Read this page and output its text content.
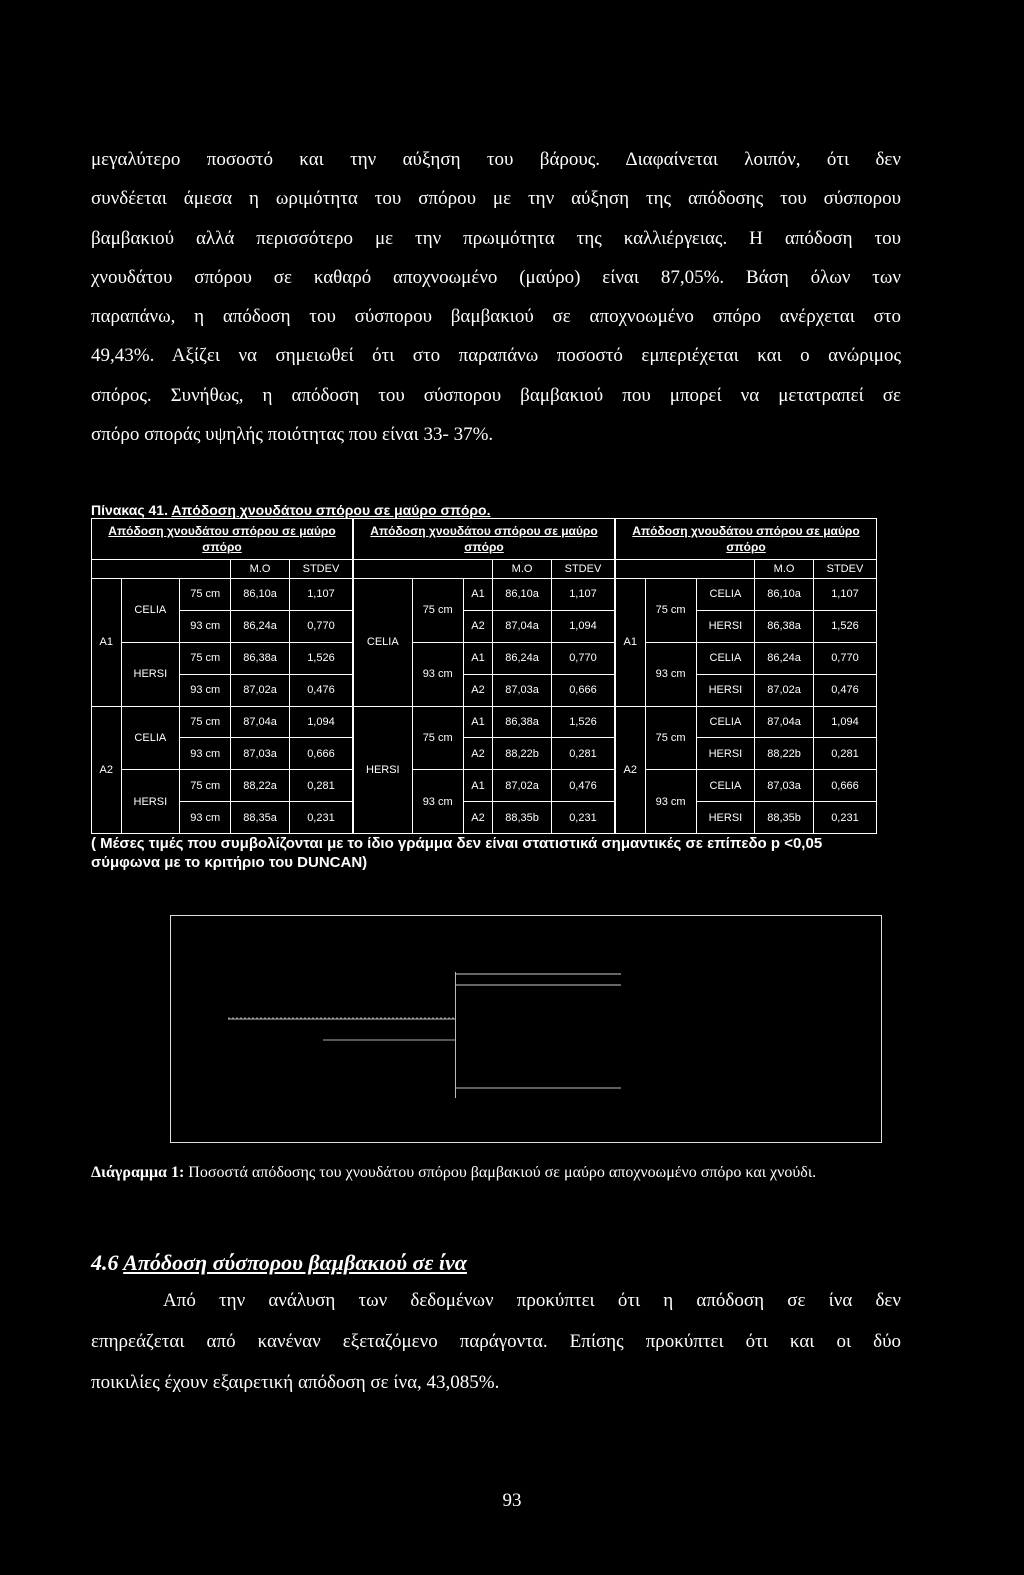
μεγαλύτερο ποσοστό και την αύξηση του βάρους. Διαφαίνεται λοιπόν, ότι δεν
συνδέεται άμεσα η ωριμότητα του σπόρου με την αύξηση της απόδοσης του σύσπορου
βαμβακιού αλλά περισσότερο με την πρωιμότητα της καλλιέργειας. Η απόδοση του
χνουδάτου σπόρου σε καθαρό αποχνοωμένο (μαύρο) είναι 87,05%. Βάση όλων των
παραπάνω, η απόδοση του σύσπορου βαμβακιού σε αποχνοωμένο σπόρο ανέρχεται στο
49,43%. Αξίζει να σημειωθεί ότι στο παραπάνω ποσοστό εμπεριέχεται και ο ανώριμος
σπόρος. Συνήθως, η απόδοση του σύσπορου βαμβακιού που μπορεί να μετατραπεί σε
σπόρο σποράς υψηλής ποιότητας που είναι 33- 37%.
Πίνακας 41. Απόδοση χνουδάτου σπόρου σε μαύρο σπόρο.
Απόδοση χνουδάτου σπόρου σε μαύρο σπόρο				
			M.O	STDEV
A1	CELIA	75 cm	86,10a	1,107
		93 cm	86,24a	0,770
	HERSI	75 cm	86,38a	1,526
		93 cm	87,02a	0,476
A2	CELIA	75 cm	87,04a	1,094
		93 cm	87,03a	0,666
	HERSI	75 cm	88,22a	0,281
		93 cm	88,35a	0,231
Απόδοση χνουδάτου σπόρου σε μαύρο σπόρο				
			M.O	STDEV
CELIA	75 cm	A1	86,10a	1,107
		A2	87,04a	1,094
	93 cm	A1	86,24a	0,770
		A2	87,03a	0,666
HERSI	75 cm	A1	86,38a	1,526
		A2	88,22b	0,281
	93 cm	A1	87,02a	0,476
		A2	88,35b	0,231
Απόδοση χνουδάτου σπόρου σε μαύρο σπόρο				
			M.O	STDEV
A1	75 cm	CELIA	86,10a	1,107
		HERSI	86,38a	1,526
	93 cm	CELIA	86,24a	0,770
		HERSI	87,02a	0,476
A2	75 cm	CELIA	87,04a	1,094
		HERSI	88,22b	0,281
	93 cm	CELIA	87,03a	0,666
		HERSI	88,35b	0,231
( Μέσες τιμές που συμβολίζονται με το ίδιο γράμμα δεν είναι στατιστικά σημαντικές σε επίπεδο p <0,05 σύμφωνα με το κριτήριο του DUNCAN)
Διάγραμμα 1: Ποσοστά απόδοσης του χνουδάτου σπόρου βαμβακιού σε μαύρο αποχνοωμένο σπόρο και χνούδι.
4.6 Απόδοση σύσπορου βαμβακιού σε ίνα
Από την ανάλυση των δεδομένων προκύπτει ότι η απόδοση σε ίνα δεν
επηρεάζεται από κανέναν εξεταζόμενο παράγοντα. Επίσης προκύπτει ότι και οι δύο
ποικιλίες έχουν εξαιρετική απόδοση σε ίνα, 43,085%.
93
